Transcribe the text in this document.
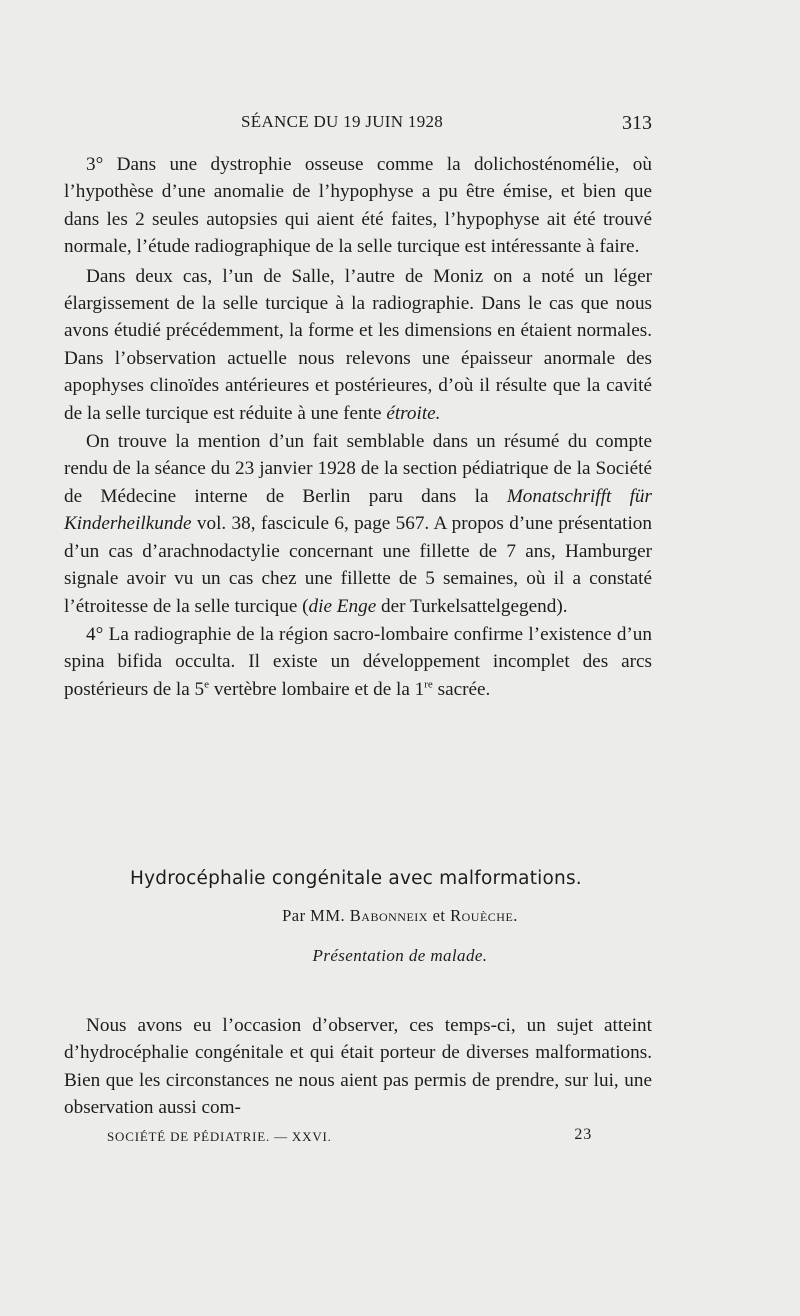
SÉANCE DU 19 JUIN 1928	313

3° Dans une dystrophie osseuse comme la dolichosténomélie, où l’hypothèse d’une anomalie de l’hypophyse a pu être émise, et bien que dans les 2 seules autopsies qui aient été faites, l’hypophyse ait été trouvé normale, l’étude radiographique de la selle turcique est intéressante à faire.

Dans deux cas, l’un de Salle, l’autre de Moniz on a noté un léger élargissement de la selle turcique à la radiographie. Dans le cas que nous avons étudié précédemment, la forme et les dimensions en étaient normales. Dans l’observation actuelle nous relevons une épaisseur anormale des apophyses clinoïdes antérieures et postérieures, d’où il résulte que la cavité de la selle turcique est réduite à une fente étroite.

On trouve la mention d’un fait semblable dans un résumé du compte rendu de la séance du 23 janvier 1928 de la section pédiatrique de la Société de Médecine interne de Berlin paru dans la Monatschrifft für Kinderheilkunde vol. 38, fascicule 6, page 567. A propos d’une présentation d’un cas d’arachnodactylie concernant une fillette de 7 ans, Hamburger signale avoir vu un cas chez une fillette de 5 semaines, où il a constaté l’étroitesse de la selle turcique (die Enge der Turkelsattelgegend).

4° La radiographie de la région sacro-lombaire confirme l’existence d’un spina bifida occulta. Il existe un développement incomplet des arcs postérieurs de la 5e vertèbre lombaire et de la 1re sacrée.

Hydrocéphalie congénitale avec malformations.
Par MM. Babonneix et Rouèche.
Présentation de malade.

Nous avons eu l’occasion d’observer, ces temps-ci, un sujet atteint d’hydrocéphalie congénitale et qui était porteur de diverses malformations. Bien que les circonstances ne nous aient pas permis de prendre, sur lui, une observation aussi com-

SOCIÉTÉ DE PÉDIATRIE. — XXVI.	23
